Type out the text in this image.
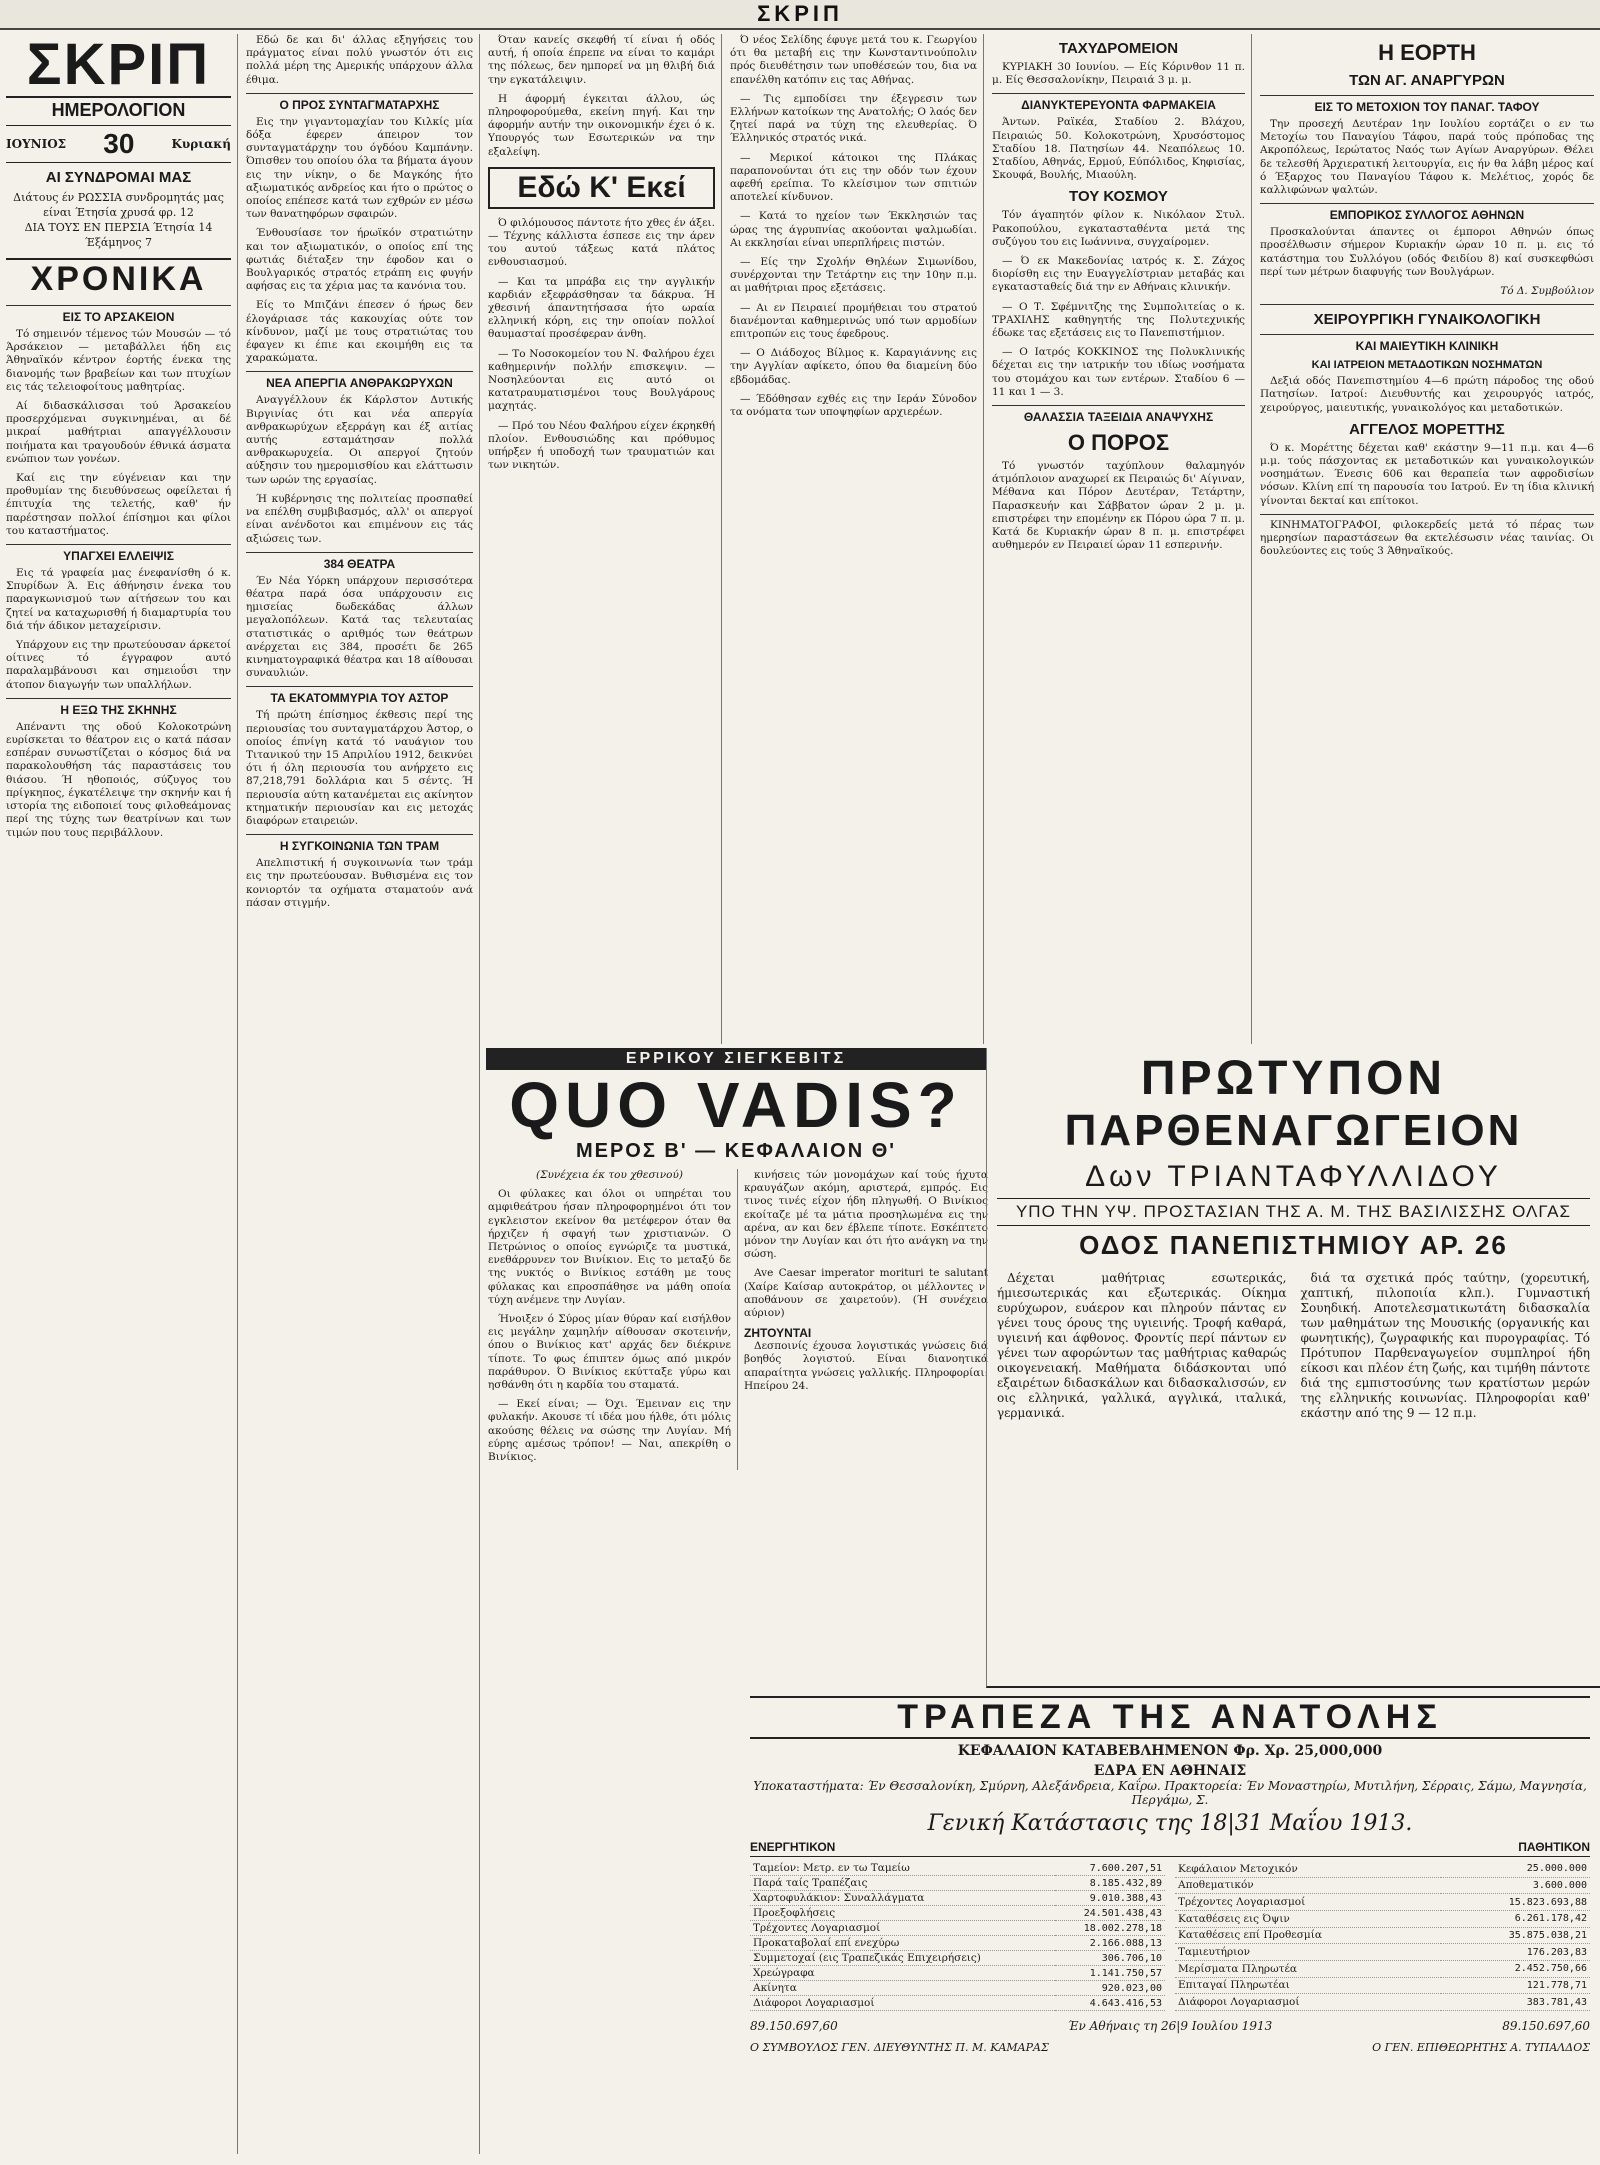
ΣΚΡΙΠ
ΣΚΡΙΠ
ΗΜΕΡΟΛΟΓΙΟΝ
ΙΟΥΝΙΟΣ 30	Κυριακή
ΑΙ ΣΥΝΔΡΟΜΑΙ ΜΑΣ
Διάτους έν ΡΩΣΣΙΑ συνδρομητάς μας είναι Έτησία χρυσά φρ. 12
ΔΙΑ ΤΟΥΣ ΕΝ ΠΕΡΣΙΑ Έτησία 14 Έξάμηνος 7
ΧΡΟΝΙΚΑ
ΕΙΣ ΤΟ ΑΡΣΑΚΕΙΟΝ

Τό σημεινόν τέμενος τών Μουσών — τό Άρσάκειον — μεταβάλλει ήδη εις Άθηναϊκόν κέντρον έορτής ένεκα της διανομής των βραβείων και των πτυχίων εις τάς τελειοφοίτους μαθητρίας.

Αί διδασκάλισσαι τού Άρσακείου προσερχόμεναι συγκινημέναι, αι δέ μικραί μαθήτριαι απαγγέλλουσιν ποιήματα και τραγουδούν έθνικά άσματα ενώπιον των γονέων.

Καί εις την εύγένειαν και την προθυμίαν της διευθύνσεως οφείλεται ή έπιτυχία της τελετής, καθ' ήν παρέστησαν πολλοί έπίσημοι και φίλοι του καταστήματος.

ΥΠΑΓΧΕΙ ΕΛΛΕΙΨΙΣ

Εις τά γραφεία μας ένεφανίσθη ό κ. Σπυρίδων Ά. Εις άθήνησιν ένεκα του παραγκωνισμού των αίτήσεων του και ζητεί να καταχωρισθή ή διαμαρτυρία του διά τήν άδικον μεταχείρισιν.

Υπάρχουν εις την πρωτεύουσαν άρκετοί οίτινες τό έγγραφον αυτό παραλαμβάνουσι και σημειοΰσι την άτοπον διαγωγήν των υπαλλήλων.

Η ΕΞΩ ΤΗΣ ΣΚΗΝΗΣ

Απέναντι της οδού Κολοκοτρώνη ευρίσκεται το θέατρον εις ο κατά πάσαν εσπέραν συνωστίζεται ο κόσμος διά να παρακολουθήση τάς παραστάσεις του θιάσου. Ή ηθοποιός, σύζυγος του πρίγκηπος, έγκατέλειψε την σκηνήν και ή ιστορία της ειδοποιεί τους φιλοθεάμονας περί της τύχης των θεατρίνων και των τιμών που τους περιβάλλουν.

Εδώ δε και δι' άλλας εξηγήσεις του πράγματος είναι πολύ γνωστόν ότι εις πολλά μέρη της Αμερικής υπάρχουν άλλα έθιμα.

Ο ΠΡΟΣ ΣΥΝΤΑΓΜΑΤΑΡΧΗΣ

Εις την γιγαντομαχίαν του Κιλκίς μία δόξα έφερεν άπειρον τον συνταγματάρχην του όγδόου Καμπάνην. Όπισθεν του οποίου όλα τα βήματα άγουν εις την νίκην, ο δε Μαγκόης ήτο αξιωματικός ανδρείος και ήτο ο πρώτος ο οποίος επέπεσε κατά των εχθρών εν μέσω των θανατηφόρων σφαιρών.

Ένθουσίασε τον ήρωϊκόν στρατιώτην και τον αξιωματικόν, ο οποίος επί της φωτιάς διέταξεν την έφοδον και ο Βουλγαρικός στρατός ετράπη εις φυγήν αφήσας εις τα χέρια μας τα κανόνια του.

Είς το Μπιζάνι έπεσεν ό ήρως δεν έλογάριασε τάς κακουχίας ούτε τον κίνδυνον, μαζί με τους στρατιώτας του έφαγεν κι έπιε και εκοιμήθη εις τα χαρακώματα.

ΝΕΑ ΑΠΕΡΓΙΑ ΑΝΘΡΑΚΩΡΥΧΩΝ

Αναγγέλλουν έκ Κάρλστον Δυτικής Βιργινίας ότι και νέα απεργία ανθρακωρύχων εξερράγη και έξ αιτίας αυτής εσταμάτησαν πολλά ανθρακωρυχεία. Οι απεργοί ζητούν αύξησιν του ημερομισθίου και ελάττωσιν των ωρών της εργασίας.

Ή κυβέρνησις της πολιτείας προσπαθεί να επέλθη συμβιβασμός, αλλ' οι απεργοί είναι ανένδοτοι και επιμένουν εις τάς αξιώσεις των.

384 ΘΕΑΤΡΑ

Έν Νέα Υόρκη υπάρχουν περισσότερα θέατρα παρά όσα υπάρχουσιν εις ημισείας δωδεκάδας άλλων μεγαλοπόλεων. Κατά τας τελευταίας στατιστικάς ο αριθμός των θεάτρων ανέρχεται εις 384, προσέτι δε 265 κινηματογραφικά θέατρα και 18 αίθουσαι συναυλιών.

ΤΑ ΕΚΑΤΟΜΜΥΡΙΑ ΤΟΥ ΑΣΤΟΡ

Τή πρώτη έπίσημος έκθεσις περί της περιουσίας του συνταγματάρχου Άστορ, ο οποίος έπνίγη κατά τό ναυάγιον του Τιτανικού την 15 Απριλίου 1912, δεικνύει ότι ή όλη περιουσία του ανήρχετο εις 87,218,791 δολλάρια και 5 σέντς. Ή περιουσία αύτη κατανέμεται εις ακίνητον κτηματικήν περιουσίαν και εις μετοχάς διαφόρων εταιρειών.

Η ΣΥΓΚΟΙΝΩΝΙΑ ΤΩΝ ΤΡΑΜ

Απελπιστική ή συγκοινωνία των τράμ εις την πρωτεύουσαν. Βυθισμένα εις τον κονιορτόν τα οχήματα σταματούν ανά πάσαν στιγμήν.

Όταν κανείς σκεφθή τί είναι ή οδός αυτή, ή οποία έπρεπε να είναι το καμάρι της πόλεως, δεν ημπορεί να μη θλιβή διά την εγκατάλειψιν.

Η άφορμή έγκειται άλλου, ώς πληροφορούμεθα, εκείνη πηγή. Και την άφορμήν αυτήν την οικονομικήν έχει ό κ. Υπουργός των Εσωτερικών να την εξαλείψη.

Εδώ Κ' Εκεί

Ό φιλόμουσος πάντοτε ήτο χθες έν άξει. — Τέχνης κάλλιστα έσπεσε εις την άρεν του αυτού τάξεως κατά πλάτος ενθουσιασμού.

— Και τα μπράβα εις την αγγλικήν καρδιάν εξεφράσθησαν τα δάκρυα. Ή χθεσινή άπαντητήσασα ήτο ωραία ελληνική κόρη, εις την οποίαν πολλοί θαυμασταί προσέφεραν άνθη.

— Το Νοσοκομείον του Ν. Φαλήρου έχει καθημερινήν πολλήν επισκεψιν. — Νοσηλεύονται εις αυτό οι κατατραυματισμένοι τους Βουλγάρους μαχητάς.

— Πρό του Νέου Φαλήρου είχεν έκρηκθή πλοίον. Ενθουσιώδης και πρόθυμος υπήρξεν ή υποδοχή των τραυματιών και των νικητών.

Ό νέος Σελίδης έφυγε μετά του κ. Γεωργίου ότι θα μεταβή εις την Κωνσταντινούπολιν πρός διευθέτησιν των υποθέσεών του, δια να επανέλθη κατόπιν εις τας Αθήνας.

— Τις εμποδίσει την έξεγρεσιν των Ελλήνων κατοίκων της Ανατολής; Ο λαός δεν ζητεί παρά να τύχη της ελευθερίας. Ό Έλληνικός στρατός νικά.

— Μερικοί κάτοικοι της Πλάκας παραπονούνται ότι εις την οδόν των έχουν αφεθή ερείπια. Το κλείσιμον των σπιτιών αποτελεί κίνδυνον.

— Κατά το ηχείον των Έκκλησιών τας ώρας της άγρυπνίας ακούονται ψαλμωδίαι. Αι εκκλησίαι είναι υπερπλήρεις πιστών.

— Είς την Σχολήν Θηλέων Σιμωνίδου, συνέρχονται την Τετάρτην εις την 10ην π.μ. αι μαθήτριαι προς εξετάσεις.

— Αι εν Πειραιεί προμήθειαι του στρατού διανέμονται καθημερινώς υπό των αρμοδίων επιτροπών εις τους έφεδρους.

— Ο Διάδοχος Βίλμος κ. Καραγιάννης εις την Αγγλίαν αφίκετο, όπου θα διαμείνη δύο εβδομάδας.

— Έδόθησαν εχθές εις την Ιεράν Σύνοδον τα ονόματα των υποψηφίων αρχιερέων.

ΤΑΧΥΔΡΟΜΕΙΟΝ

ΚΥΡΙΑΚΗ 30 Ιουνίου. — Είς Κόρινθον 11 π. μ. Είς Θεσσαλονίκην, Πειραιά 3 μ. μ.

ΔΙΑΝΥΚΤΕΡΕΥΟΝΤΑ ΦΑΡΜΑΚΕΙΑ

Άντων. Ραϊκέα, Σταδίου 2. Βλάχου, Πειραιώς 50. Κολοκοτρώνη, Χρυσόστομος Σταδίου 18. Πατησίων 44. Νεαπόλεως 10. Σταδίου, Αθηνάς, Ερμού, Εύπόλιδος, Κηφισίας, Σκουφά, Βουλής, Μιαούλη.

ΤΟΥ ΚΟΣΜΟΥ

Τόν άγαπητόν φίλον κ. Νικόλαον Στυλ. Ρακοπούλου, εγκατασταθέντα μετά της συζύγου του εις Ιωάννινα, συγχαίρομεν.

— Ό εκ Μακεδονίας ιατρός κ. Σ. Ζάχος διορίσθη εις την Ευαγγελίστριαν μεταβάς και εγκατασταθείς διά την εν Αθήναις κλινικήν.

— Ο Τ. Σφέμνιτζης της Συμπολιτείας ο κ. ΤΡΑΧΙΛΗΣ καθηγητής της Πολυτεχνικής έδωκε τας εξετάσεις εις το Πανεπιστήμιον.

— Ο Ιατρός ΚΟΚΚΙΝΟΣ της Πολυκλινικής δέχεται εις την ιατρικήν του ιδίως νοσήματα του στομάχου και των εντέρων. Σταδίου 6 — 11 και 1 — 3.

ΘΑΛΑΣΣΙΑ ΤΑΞΕΙΔΙΑ ΑΝΑΨΥΧΗΣ
Ο ΠΟΡΟΣ

Τό γνωστόν ταχύπλουν θαλαμηγόν άτμόπλοιον αναχωρεί εκ Πειραιώς δι' Αίγιναν, Μέθανα και Πόρον Δευτέραν, Τετάρτην, Παρασκευήν και Σάββατον ώραν 2 μ. μ. επιστρέφει την επομένην εκ Πόρου ώρα 7 π. μ. Κατά δε Κυριακήν ώραν 8 π. μ. επιστρέφει αυθημερόν εν Πειραιεί ώραν 11 εσπερινήν.

Η ΕΟΡΤΗ
ΤΩΝ ΑΓ. ΑΝΑΡΓΥΡΩΝ
ΕΙΣ ΤΟ ΜΕΤΟΧΙΟΝ ΤΟΥ ΠΑΝΑΓ. ΤΑΦΟΥ

Την προσεχή Δευτέραν 1ην Ιουλίου εορτάζει ο εν τω Μετοχίω του Παναγίου Τάφου, παρά τούς πρόποδας της Ακροπόλεως, Ιερώτατος Ναός των Αγίων Αναργύρων. Θέλει δε τελεσθή Άρχιερατική λειτουργία, εις ήν θα λάβη μέρος καί ό Έξαρχος του Παναγίου Τάφου κ. Μελέτιος, χορός δε καλλιφώνων ψαλτών.

ΕΜΠΟΡΙΚΟΣ ΣΥΛΛΟΓΟΣ ΑΘΗΝΩΝ

Προσκαλούνται άπαντες οι έμποροι Αθηνών όπως προσέλθωσιν σήμερον Κυριακήν ώραν 10 π. μ. εις τό κατάστημα του Συλλόγου (οδός Φειδίου 8) καί συσκεφθώσι περί των μέτρων διαφυγής των Βουλγάρων.

Τό Δ. Συμβούλιον
ΧΕΙΡΟΥΡΓΙΚΗ ΓΥΝΑΙΚΟΛΟΓΙΚΗ
ΚΑΙ ΜΑΙΕΥΤΙΚΗ ΚΛΙΝΙΚΗ
ΚΑΙ ΙΑΤΡΕΙΟΝ ΜΕΤΑΔΟΤΙΚΩΝ ΝΟΣΗΜΑΤΩΝ

Δεξιά οδός Πανεπιστημίου 4—6 πρώτη πάροδος της οδού Πατησίων. Ιατροί: Διευθυντής και χειρουργός ιατρός, χειρούργος, μαιευτικής, γυναικολόγος και μεταδοτικών.

ΑΓΓΕΛΟΣ ΜΟΡΕΤΤΗΣ

Ό κ. Μορέττης δέχεται καθ' εκάστην 9—11 π.μ. και 4—6 μ.μ. τούς πάσχοντας εκ μεταδοτικών και γυναικολογικών νοσημάτων. Ένεσις 606 και θεραπεία των αφροδισίων νόσων. Κλίνη επί τη παρουσία του Ιατρού. Εν τη ίδια κλινική γίνονται δεκταί και επίτοκοι.

ΚΙΝΗΜΑΤΟΓΡΑΦΟΙ, φιλοκερδείς μετά τό πέρας των ημερησίων παραστάσεων θα εκτελέσωσιν νέας ταινίας. Οι δουλεύοντες εις τούς 3 Άθηναϊκούς.

ΕΡΡΙΚΟΥ ΣΙΕΓΚΕΒΙΤΣ
QUO VADIS?
ΜΕΡΟΣ Β' — ΚΕΦΑΛΑΙΟΝ Θ'
(Συνέχεια έκ του χθεσινού)

Οι φύλακες και όλοι οι υπηρέται του αμφιθεάτρου ήσαν πληροφορημένοι ότι τον εγκλειστον εκείνον θα μετέφερον όταν θα ήρχιζεν ή σφαγή των χριστιανών. Ο Πετρώνιος ο οποίος εγνώριζε τα μυστικά, ενεθάρρυνεν τον Βινίκιον. Εις το μεταξύ δε της νυκτός ο Βινίκιος εστάθη με τους φύλακας και επροσπάθησε να μάθη οποία τύχη ανέμενε την Λυγίαν.

Ήνοιξεν ό Σύρος μίαν θύραν καί εισήλθον εις μεγάλην χαμηλήν αίθουσαν σκοτεινήν, όπου ο Βινίκιος κατ' αρχάς δεν διέκρινε τίποτε. Το φως έπιπτεν όμως από μικρόν παράθυρον. Ό Βινίκιος εκύτταξε γύρω και ησθάνθη ότι η καρδία του σταματά.

— Εκεί είναι; — Όχι. Έμειναν εις την φυλακήν. Ακουσε τί ιδέα μου ήλθε, ότι μόλις ακούσης θέλεις να σώσης την Λυγίαν. Μή εύρης αμέσως τρόπον! — Ναι, απεκρίθη ο Βινίκιος.

κινήσεις τών μονομάχων καί τούς ήχυτα κραυγάζων ακόμη, αριστερά, εμπρός. Εις τινος τινές είχον ήδη πληγωθή. Ο Βινίκιος εκοίταζε μέ τα μάτια προσηλωμένα εις την αρένα, αν και δεν έβλεπε τίποτε. Εσκέπτετο μόνον την Λυγίαν και ότι ήτο ανάγκη να την σώση.

Ave Caesar imperator morituri te salutant (Χαίρε Καίσαρ αυτοκράτορ, οι μέλλοντες ν' αποθάνουν σε χαιρετούν). (Ή συνέχεια αύριον)

ΖΗΤΟΥΝΤΑΙ

Δεσποινίς έχουσα λογιστικάς γνώσεις διά βοηθός λογιστού. Είναι διανοητικά απαραίτητα γνώσεις γαλλικής. Πληροφορίαι: Ηπείρου 24.

ΠΡΩΤΥΠΟΝ
ΠΑΡΘΕΝΑΓΩΓΕΙΟΝ
Δων ΤΡΙΑΝΤΑΦΥΛΛΙΔΟΥ
ΥΠΟ ΤΗΝ ΥΨ. ΠΡΟΣΤΑΣΙΑΝ ΤΗΣ Α. Μ. ΤΗΣ ΒΑΣΙΛΙΣΣΗΣ ΟΛΓΑΣ
ΟΔΟΣ ΠΑΝΕΠΙΣΤΗΜΙΟΥ ΑΡ. 26

Δέχεται μαθήτριας εσωτερικάς, ήμιεσωτερικάς και εξωτερικάς. Οίκημα ευρύχωρον, ευάερον και πληρούν πάντας εν γένει τους όρους της υγιεινής. Τροφή καθαρά, υγιεινή και άφθονος. Φροντίς περί πάντων εν γένει των αφορώντων τας μαθήτριας καθαρώς οικογενειακή. Μαθήματα διδάσκονται υπό εξαιρέτων διδασκάλων και διδασκαλισσών, εν οις ελληνικά, γαλλικά, αγγλικά, ιταλικά, γερμανικά.

διά τα σχετικά πρός ταύτην, (χορευτική, χαπτική, πιλοποιία κλπ.). Γυμναστική Σουηδική. Αποτελεσματικωτάτη διδασκαλία των μαθημάτων της Μουσικής (οργανικής και φωνητικής), ζωγραφικής και πυρογραφίας. Τό Πρότυπον Παρθεναγωγείον συμπληροί ήδη είκοσι και πλέον έτη ζωής, και τιμήθη πάντοτε διά της εμπιστοσύνης των κρατίστων μερών της ελληνικής κοινωνίας. Πληροφορίαι καθ' εκάστην από της 9 — 12 π.μ.

ΤΡΑΠΕΖΑ ΤΗΣ ΑΝΑΤΟΛΗΣ
ΚΕΦΑΛΑΙΟΝ ΚΑΤΑΒΕΒΛΗΜΕΝΟΝ Φρ. Χρ. 25,000,000
ΕΔΡΑ ΕΝ ΑΘΗΝΑΙΣ
Υποκαταστήματα: Έν Θεσσαλονίκη, Σμύρνη, Αλεξάνδρεια, Καΐρω. Πρακτορεία: Έν Μοναστηρίω, Μυτιλήνη, Σέρραις, Σάμω, Μαγνησία, Περγάμω, Σ.
Γενική Κατάστασις της 18|31 Μαΐου 1913.
ΕΝΕΡΓΗΤΙΚΟΝ	ΠΑΘΗΤΙΚΟΝ
Ταμείον: Μετρ. εν τω Ταμείω	7.600.207,51
Παρά ταίς Τραπέζαις	8.185.432,89
Χαρτοφυλάκιον: Συναλλάγματα	9.010.388,43
Προεξοφλήσεις	24.501.438,43
Τρέχοντες Λογαριασμοί	18.002.278,18
Προκαταβολαί επί ενεχύρω	2.166.088,13
Συμμετοχαί (εις Τραπεζικάς Επιχειρήσεις)	306.706,10
Χρεώγραφα	1.141.750,57
Ακίνητα	920.023,00
Διάφοροι Λογαριασμοί	4.643.416,53
Κεφάλαιον Μετοχικόν	25.000.000
Αποθεματικόν	3.600.000
Τρέχοντες Λογαριασμοί	15.823.693,88
Καταθέσεις εις Όψιν	6.261.178,42
Καταθέσεις επί Προθεσμία	35.875.038,21
Ταμιευτήριον	176.203,83
Μερίσματα Πληρωτέα	2.452.750,66
Επιταγαί Πληρωτέαι	121.778,71
Διάφοροι Λογαριασμοί	383.781,43
89.150.697,60	Έν Αθήναις τη 26|9 Ιουλίου 1913	89.150.697,60
Ο ΣΥΜΒΟΥΛΟΣ ΓΕΝ. ΔΙΕΥΘΥΝΤΗΣ Π. Μ. ΚΑΜΑΡΑΣ	Ο ΓΕΝ. ΕΠΙΘΕΩΡΗΤΗΣ Α. ΤΥΠΑΛΔΟΣ
